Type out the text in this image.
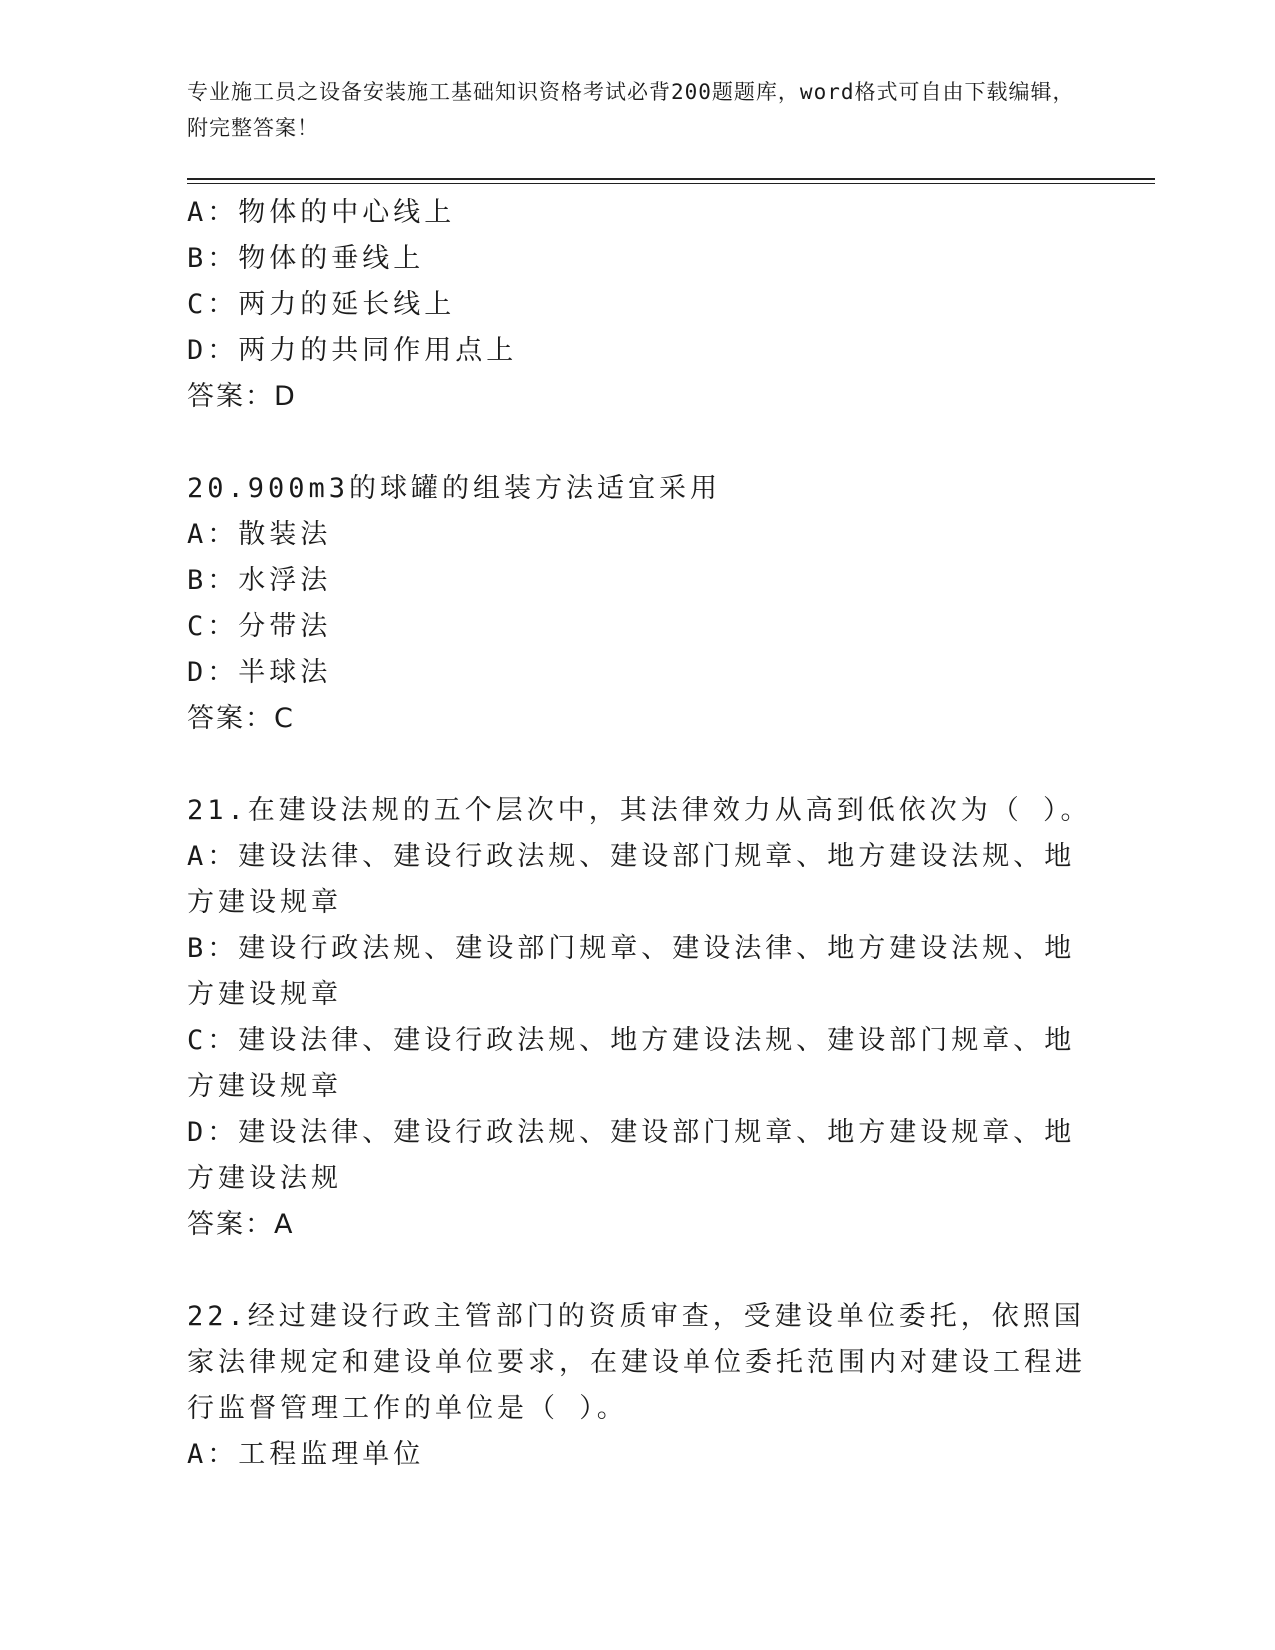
专业施工员之设备安装施工基础知识资格考试必背200题题库，word格式可自由下载编辑，附完整答案！
A：物体的中心线上
B：物体的垂线上
C：两力的延长线上
D：两力的共同作用点上
答案：D
20.900m3的球罐的组装方法适宜采用
A：散装法
B：水浮法
C：分带法
D：半球法
答案：C
21.在建设法规的五个层次中，其法律效力从高到低依次为（ ）。
A：建设法律、建设行政法规、建设部门规章、地方建设法规、地方建设规章
B：建设行政法规、建设部门规章、建设法律、地方建设法规、地方建设规章
C：建设法律、建设行政法规、地方建设法规、建设部门规章、地方建设规章
D：建设法律、建设行政法规、建设部门规章、地方建设规章、地方建设法规
答案：A
22.经过建设行政主管部门的资质审查，受建设单位委托，依照国家法律规定和建设单位要求，在建设单位委托范围内对建设工程进行监督管理工作的单位是（ ）。
A：工程监理单位
